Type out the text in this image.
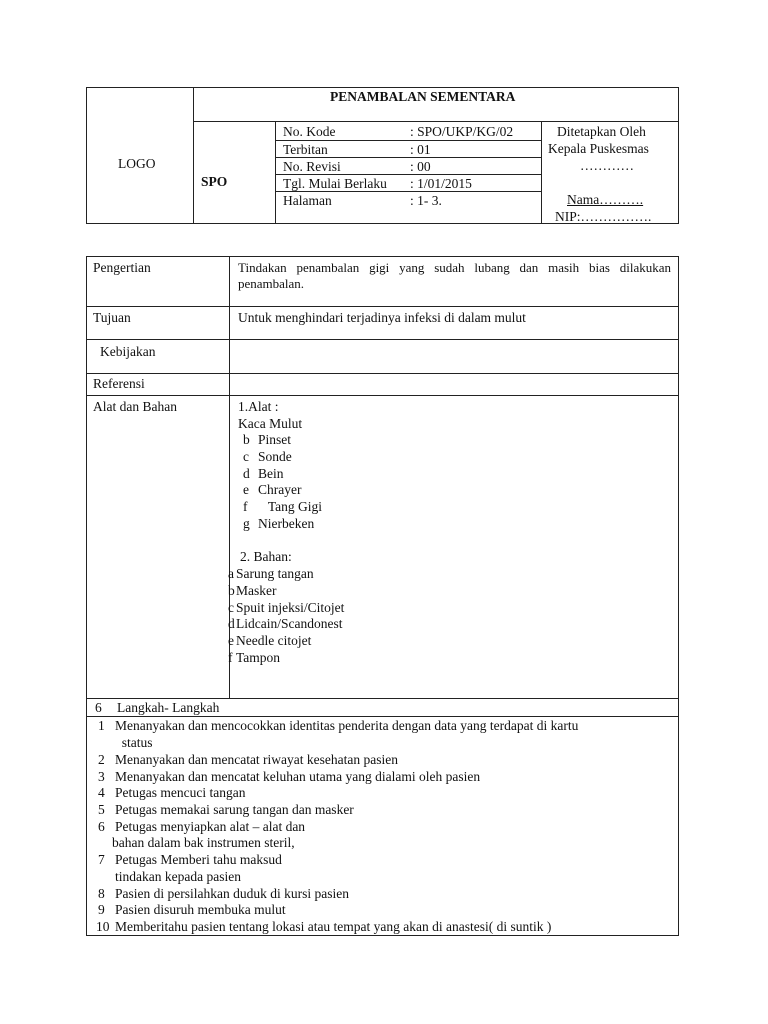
LOGO
PENAMBALAN SEMENTARA
SPO
No. Kode	: SPO/UKP/KG/02
Terbitan	: 01
No. Revisi	: 00
Tgl. Mulai Berlaku : 1/01/2015
Halaman	: 1- 3.
Ditetapkan Oleh
Kepala Puskesmas
…………
Nama……….
NIP:…………….
Pengertian	Tindakan penambalan gigi yang sudah lubang dan masih bias dilakukan penambalan.
Tujuan	Untuk menghindari terjadinya infeksi di dalam mulut
Kebijakan
Referensi
Alat dan Bahan	1.Alat :
Kaca Mulut
b Pinset
c Sonde
d Bein
e Chrayer
f Tang Gigi
g Nierbeken
2. Bahan:
a Sarung tangan
b Masker
c Spuit injeksi/Citojet
d Lidcain/Scandonest
e Needle citojet
f Tampon
6 Langkah- Langkah
1 Menanyakan dan mencocokkan identitas penderita dengan data yang terdapat di kartu
status
2 Menanyakan dan mencatat riwayat kesehatan pasien
3 Menanyakan dan mencatat keluhan utama yang dialami oleh pasien
4 Petugas mencuci tangan
5 Petugas memakai sarung tangan dan masker
6 Petugas menyiapkan alat – alat dan
bahan dalam bak instrumen steril,
7 Petugas Memberi tahu maksud
tindakan kepada pasien
8 Pasien di persilahkan duduk di kursi pasien
9 Pasien disuruh membuka mulut
10 Memberitahu pasien tentang lokasi atau tempat yang akan di anastesi( di suntik )
